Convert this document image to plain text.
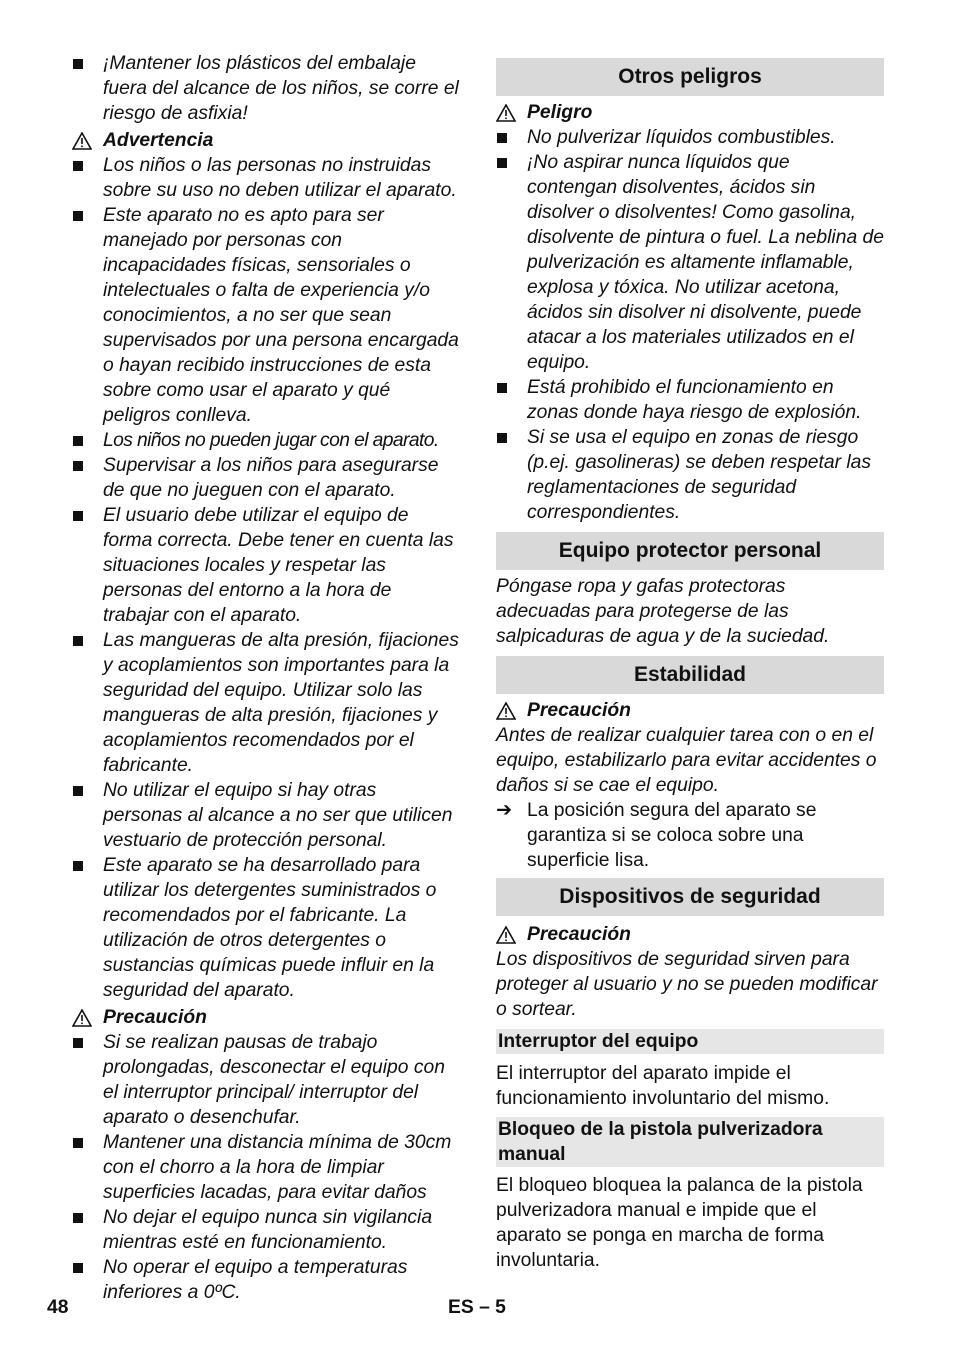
¡Mantener los plásticos del embalaje fuera del alcance de los niños, se corre el riesgo de asfixia!
Advertencia
Los niños o las personas no instruidas sobre su uso no deben utilizar el aparato.
Este aparato no es apto para ser manejado por personas con incapacidades físicas, sensoriales o intelectuales o falta de experiencia y/o conocimientos, a no ser que sean supervisados por una persona encargada o hayan recibido instrucciones de esta sobre como usar el aparato y qué peligros conlleva.
Los niños no pueden jugar con el aparato.
Supervisar a los niños para asegurarse de que no jueguen con el aparato.
El usuario debe utilizar el equipo de forma correcta. Debe tener en cuenta las situaciones locales y respetar las personas del entorno a la hora de trabajar con el aparato.
Las mangueras de alta presión, fijaciones y acoplamientos son importantes para la seguridad del equipo. Utilizar solo las mangueras de alta presión, fijaciones y acoplamientos recomendados por el fabricante.
No utilizar el equipo si hay otras personas al alcance a no ser que utilicen vestuario de protección personal.
Este aparato se ha desarrollado para utilizar los detergentes suministrados o recomendados por el fabricante. La utilización de otros detergentes o sustancias químicas puede influir en la seguridad del aparato.
Precaución
Si se realizan pausas de trabajo prolongadas, desconectar el equipo con el interruptor principal/ interruptor del aparato o desenchufar.
Mantener una distancia mínima de 30cm con el chorro a la hora de limpiar superficies lacadas, para evitar daños
No dejar el equipo nunca sin vigilancia mientras esté en funcionamiento.
No operar el equipo a temperaturas inferiores a 0ºC.
Otros peligros
Peligro
No pulverizar líquidos combustibles.
¡No aspirar nunca líquidos que contengan disolventes, ácidos sin disolver o disolventes! Como gasolina, disolvente de pintura o fuel. La neblina de pulverización es altamente inflamable, explosa y tóxica. No utilizar acetona, ácidos sin disolver ni disolvente, puede atacar a los materiales utilizados en el equipo.
Está prohibido el funcionamiento en zonas donde haya riesgo de explosión.
Si se usa el equipo en zonas de riesgo (p.ej. gasolineras) se deben respetar las reglamentaciones de seguridad correspondientes.
Equipo protector personal

Póngase ropa y gafas protectoras adecuadas para protegerse de las salpicaduras de agua y de la suciedad.

Estabilidad
Precaución

Antes de realizar cualquier tarea con o en el equipo, estabilizarlo para evitar accidentes o daños si se cae el equipo.

➔ La posición segura del aparato se garantiza si se coloca sobre una superficie lisa.
Dispositivos de seguridad
Precaución

Los dispositivos de seguridad sirven para proteger al usuario y no se pueden modificar o sortear.

Interruptor del equipo

El interruptor del aparato impide el funcionamiento involuntario del mismo.

Bloqueo de la pistola pulverizadora manual

El bloqueo bloquea la palanca de la pistola pulverizadora manual e impide que el aparato se ponga en marcha de forma involuntaria.

48	ES – 5
